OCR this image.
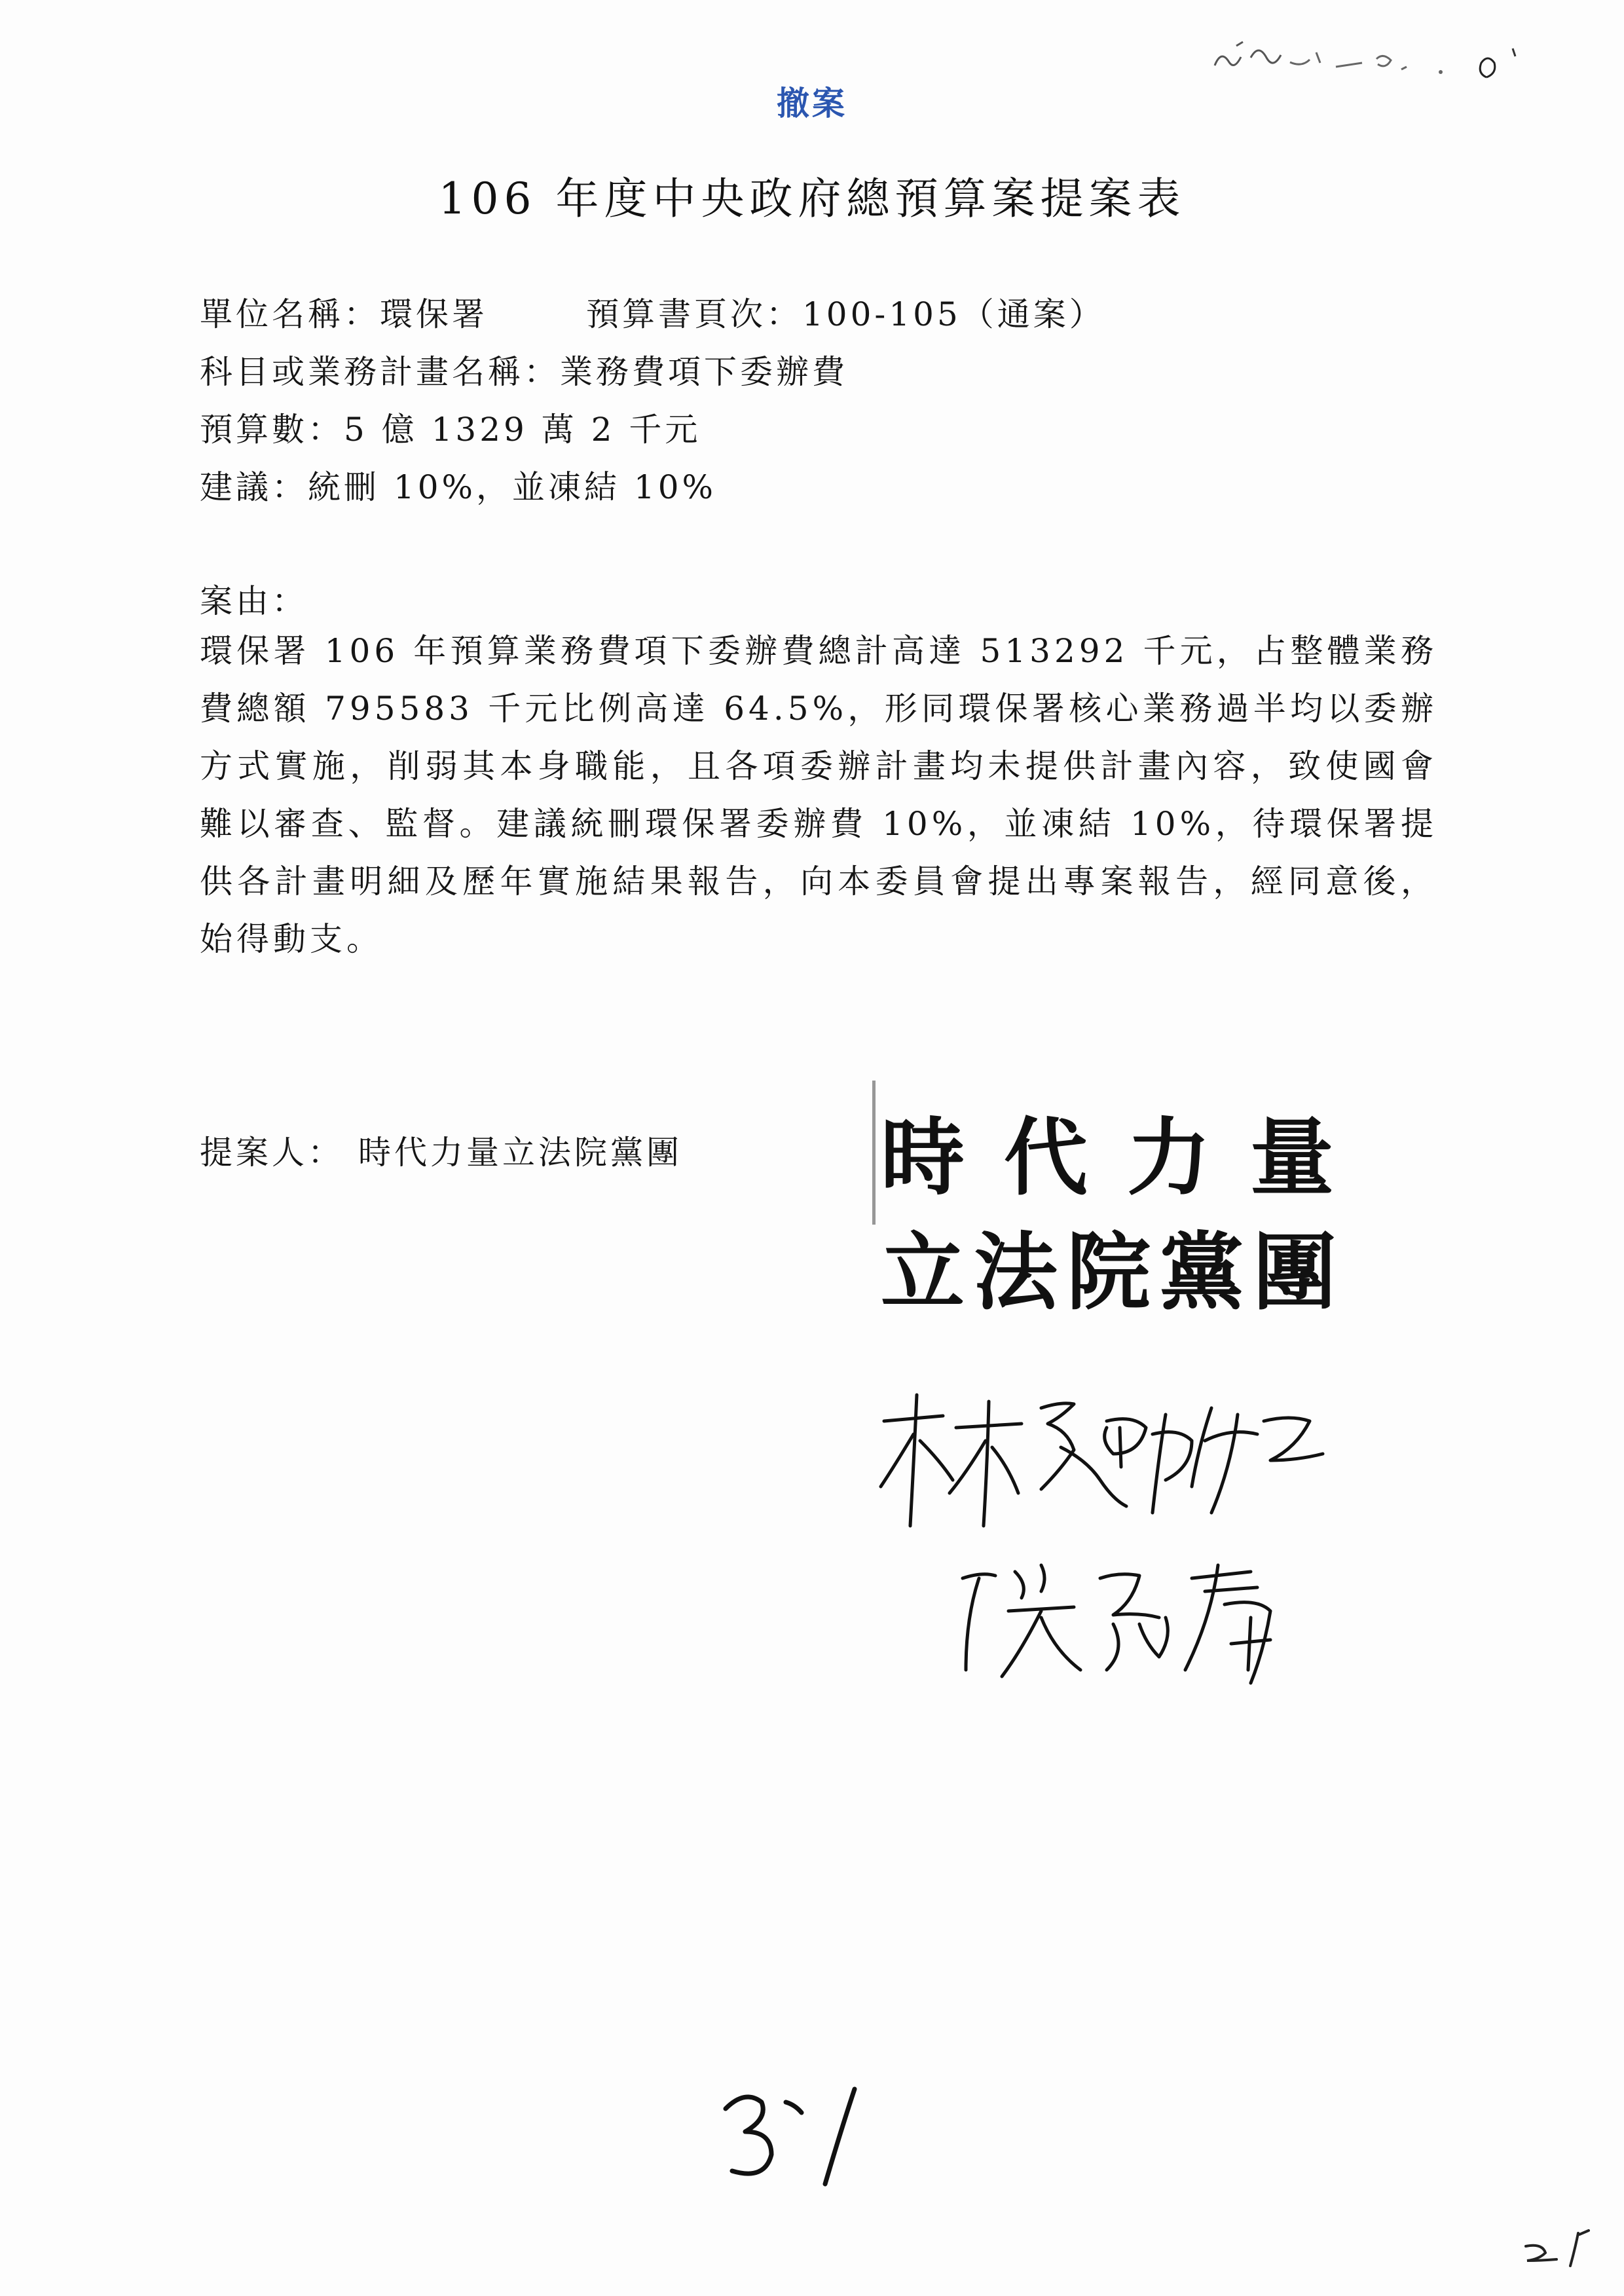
撤案
106 年度中央政府總預算案提案表
單位名稱：環保署	預算書頁次：100-105（通案）
科目或業務計畫名稱：業務費項下委辦費
預算數：5 億 1329 萬 2 千元
建議：統刪 10%，並凍結 10%
案由：
環保署 106 年預算業務費項下委辦費總計高達 513292 千元，占整體業務費總額 795583 千元比例高達 64.5%，形同環保署核心業務過半均以委辦方式實施，削弱其本身職能，且各項委辦計畫均未提供計畫內容，致使國會難以審查、監督。建議統刪環保署委辦費 10%，並凍結 10%，待環保署提供各計畫明細及歷年實施結果報告，向本委員會提出專案報告，經同意後，始得動支。
提案人： 時代力量立法院黨團 時代力量
立法院黨團
3-1
